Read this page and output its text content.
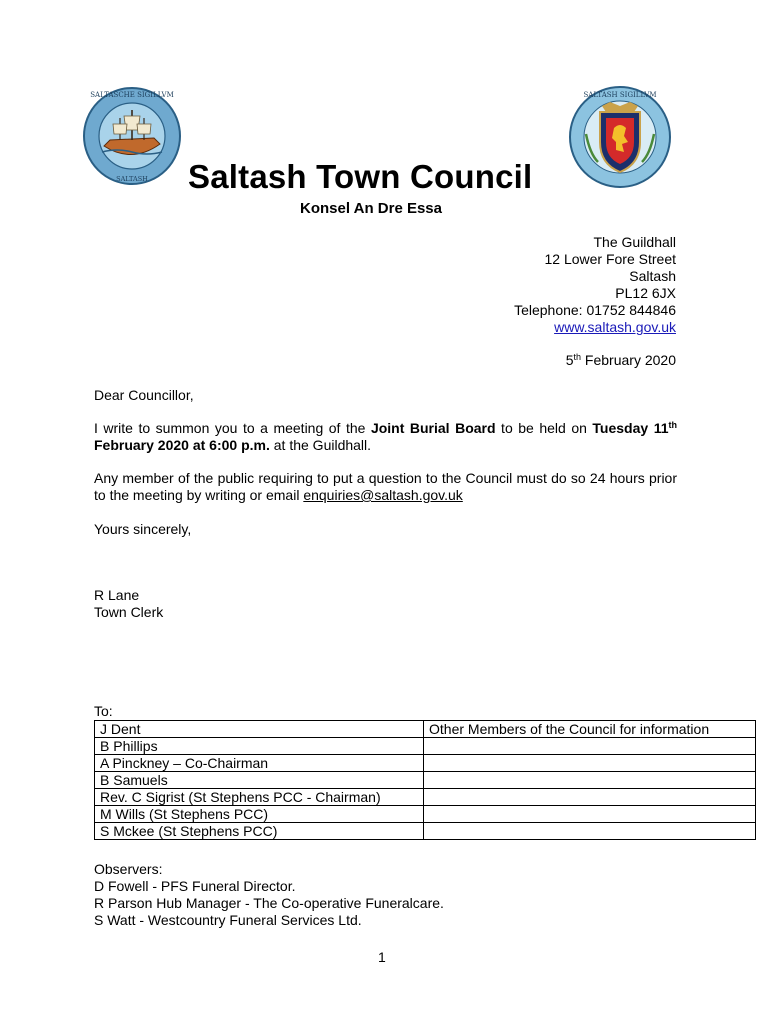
SALTASCHE SIGILLVM
SALTASH
SALTASH SIGILLVM
Saltash Town Council
Konsel An Dre Essa
The Guildhall
12 Lower Fore Street
Saltash
PL12 6JX
Telephone: 01752 844846
www.saltash.gov.uk
5th February 2020
Dear Councillor,
I write to summon you to a meeting of the Joint Burial Board to be held on Tuesday 11th February 2020 at 6:00 p.m. at the Guildhall.
Any member of the public requiring to put a question to the Council must do so 24 hours prior to the meeting by writing or email enquiries@saltash.gov.uk
Yours sincerely,
R Lane
Town Clerk
To:
J Dent	Other Members of the Council for information
B Phillips	
A Pinckney – Co-Chairman	
B Samuels	
Rev. C Sigrist (St Stephens PCC - Chairman)	
M Wills (St Stephens PCC)	
S Mckee (St Stephens PCC)	
Observers:
D Fowell - PFS Funeral Director.
R Parson Hub Manager - The Co-operative Funeralcare.
S Watt - Westcountry Funeral Services Ltd.
1
